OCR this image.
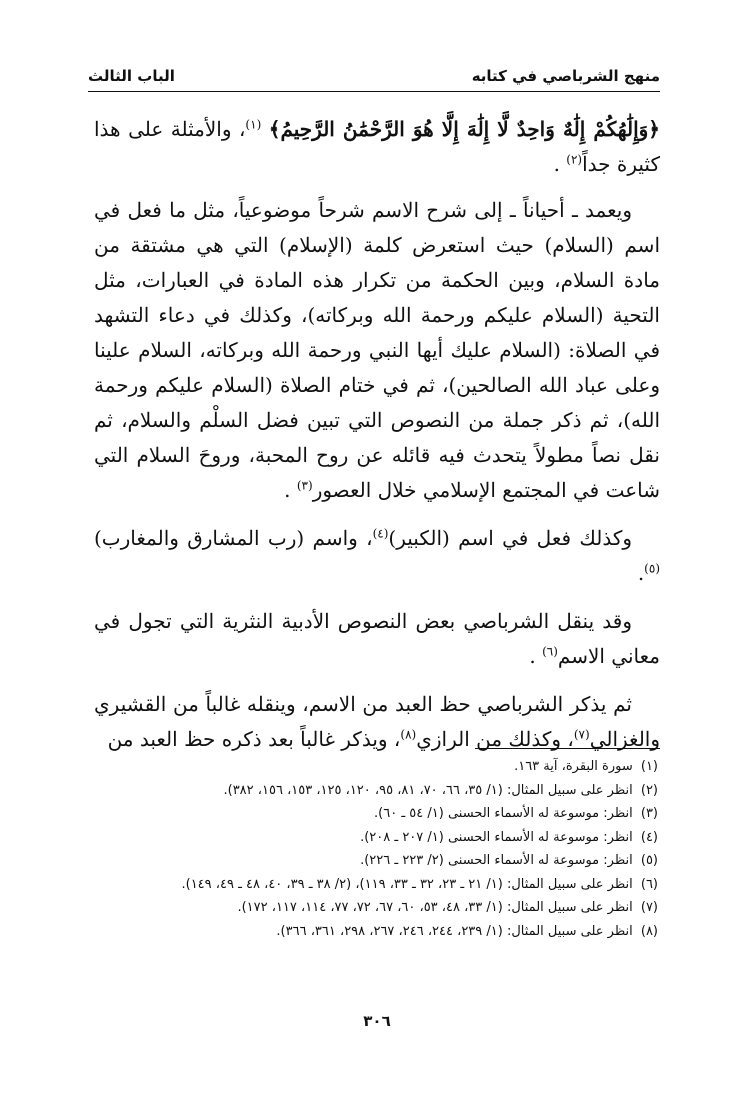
منهج الشرباصي في كتابه
الباب الثالث

﴿وَإِلَٰهُكُمْ إِلَٰهٌ وَاحِدٌ لَّا إِلَٰهَ إِلَّا هُوَ الرَّحْمَٰنُ الرَّحِيمُ﴾ $^{(١)}$، والأمثلة على هذا كثيرة جداً$^{(٢)}$ .

ويعمد ـ أحياناً ـ إلى شرح الاسم شرحاً موضوعياً، مثل ما فعل في اسم (السلام) حيث استعرض كلمة (الإسلام) التي هي مشتقة من مادة السلام، وبين الحكمة من تكرار هذه المادة في العبارات، مثل التحية (السلام عليكم ورحمة الله وبركاته)، وكذلك في دعاء التشهد في الصلاة: (السلام عليك أيها النبي ورحمة الله وبركاته، السلام علينا وعلى عباد الله الصالحين)، ثم في ختام الصلاة (السلام عليكم ورحمة الله)، ثم ذكر جملة من النصوص التي تبين فضل السلْم والسلام، ثم نقل نصاً مطولاً يتحدث فيه قائله عن روح المحبة، وروحَ السلام التي شاعت في المجتمع الإسلامي خلال العصور$^{(٣)}$ .

وكذلك فعل في اسم (الكبير)$^{(٤)}$، واسم (رب المشارق والمغارب)$^{(٥)}$.

وقد ينقل الشرباصي بعض النصوص الأدبية النثرية التي تجول في معاني الاسم$^{(٦)}$ .

ثم يذكر الشرباصي حظ العبد من الاسم، وينقله غالباً من القشيري والغزالي$^{(٧)}$، وكذلك من الرازي$^{(٨)}$، ويذكر غالباً بعد ذكره حظ العبد من

(١) سورة البقرة، آية ١٦٣.
(٢) انظر على سبيل المثال: (١/ ٣٥، ٦٦، ٧٠، ٨١، ٩٥، ١٢٠، ١٢٥، ١٥٣، ١٥٦، ٣٨٢).
(٣) انظر: موسوعة له الأسماء الحسنى (١/ ٥٤ ـ ٦٠).
(٤) انظر: موسوعة له الأسماء الحسنى (١/ ٢٠٧ ـ ٢٠٨).
(٥) انظر: موسوعة له الأسماء الحسنى (٢/ ٢٢٣ ـ ٢٢٦).
(٦) انظر على سبيل المثال: (١/ ٢١ ـ ٢٣، ٣٢ ـ ٣٣، ١١٩)، (٢/ ٣٨ ـ ٣٩، ٤٠، ٤٨ ـ ٤٩، ١٤٩).
(٧) انظر على سبيل المثال: (١/ ٣٣، ٤٨، ٥٣، ٦٠، ٦٧، ٧٢، ٧٧، ١١٤، ١١٧، ١٧٢).
(٨) انظر على سبيل المثال: (١/ ٢٣٩، ٢٤٤، ٢٤٦، ٢٦٧، ٢٩٨، ٣٦١، ٣٦٦).
٣٠٦
